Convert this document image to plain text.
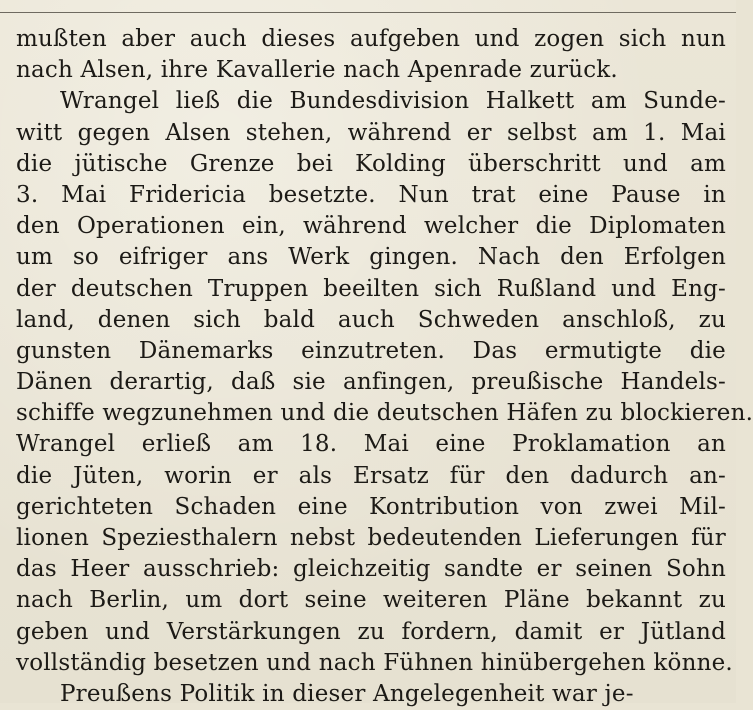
mußten aber auch dieses aufgeben und zogen sich nun
nach Alsen, ihre Kavallerie nach Apenrade zurück.
Wrangel ließ die Bundesdivision Halkett am Sunde-
witt gegen Alsen stehen, während er selbst am 1. Mai
die jütische Grenze bei Kolding überschritt und am
3. Mai Fridericia besetzte. Nun trat eine Pause in
den Operationen ein, während welcher die Diplomaten
um so eifriger ans Werk gingen. Nach den Erfolgen
der deutschen Truppen beeilten sich Rußland und Eng-
land, denen sich bald auch Schweden anschloß, zu
gunsten Dänemarks einzutreten. Das ermutigte die
Dänen derartig, daß sie anfingen, preußische Handels-
schiffe wegzunehmen und die deutschen Häfen zu blockieren.
Wrangel erließ am 18. Mai eine Proklamation an
die Jüten, worin er als Ersatz für den dadurch an-
gerichteten Schaden eine Kontribution von zwei Mil-
lionen Speziesthalern nebst bedeutenden Lieferungen für
das Heer ausschrieb: gleichzeitig sandte er seinen Sohn
nach Berlin, um dort seine weiteren Pläne bekannt zu
geben und Verstärkungen zu fordern, damit er Jütland
vollständig besetzen und nach Fühnen hinübergehen könne.
Preußens Politik in dieser Angelegenheit war je-
